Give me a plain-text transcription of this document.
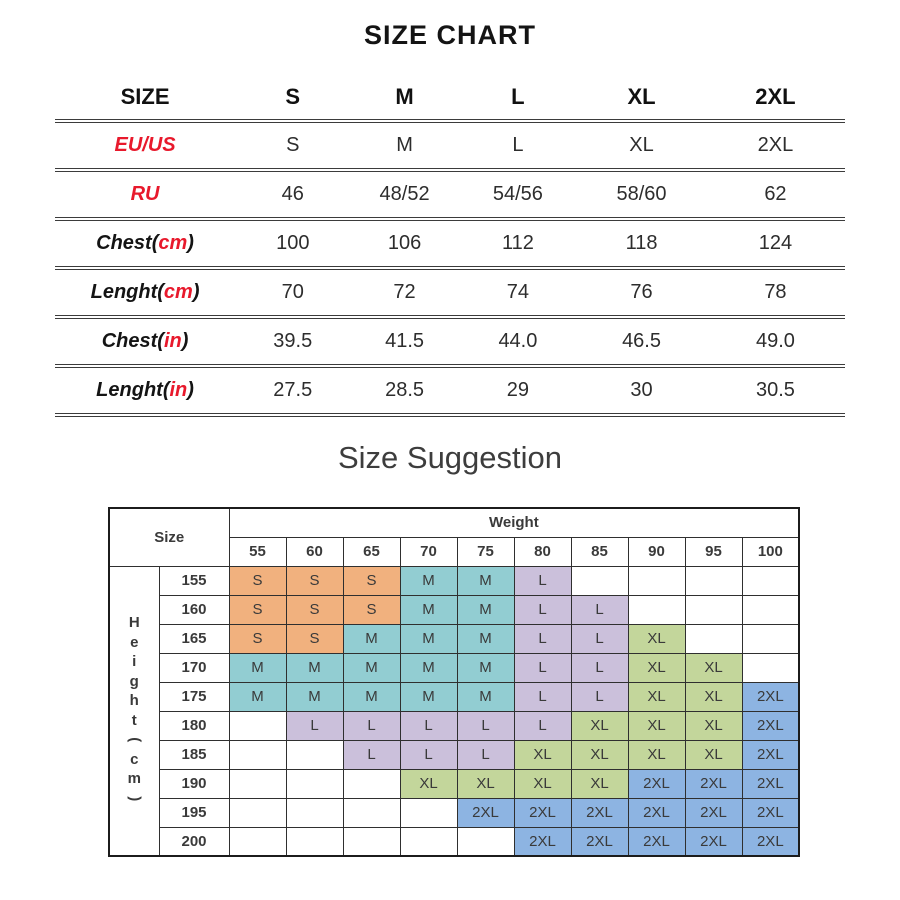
SIZE CHART
SIZE	S	M	L	XL	2XL
EU/US	S	M	L	XL	2XL
RU	46	48/52	54/56	58/60	62
Chest(cm)	100	106	112	118	124
Lenght(cm)	70	72	74	76	78
Chest(in)	39.5	41.5	44.0	46.5	49.0
Lenght(in)	27.5	28.5	29	30	30.5
Size Suggestion
Size		Weight									
		55	60	65	70	75	80	85	90	95	100

H
e
i
g
h
t
(
c
m
)	155	S	S	S	M	M	L				
	160	S	S	S	M	M	L	L			
	165	S	S	M	M	M	L	L	XL		
	170	M	M	M	M	M	L	L	XL	XL	
	175	M	M	M	M	M	L	L	XL	XL	2XL
	180		L	L	L	L	L	XL	XL	XL	2XL
	185			L	L	L	XL	XL	XL	XL	2XL
	190				XL	XL	XL	XL	2XL	2XL	2XL
	195					2XL	2XL	2XL	2XL	2XL	2XL
	200						2XL	2XL	2XL	2XL	2XL
